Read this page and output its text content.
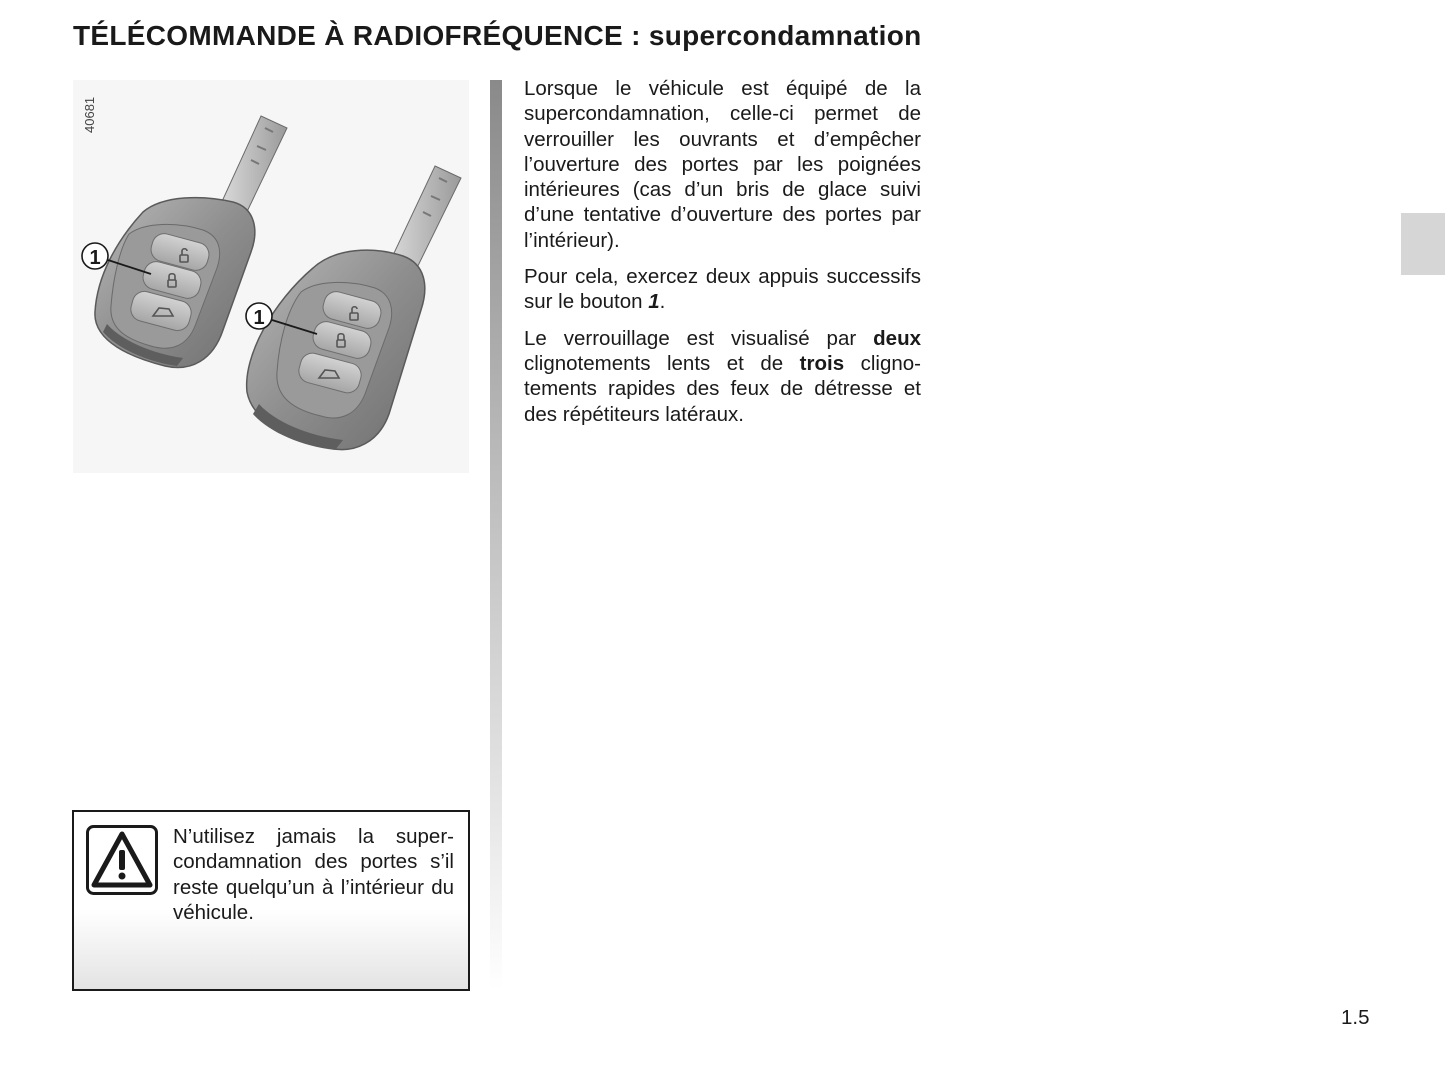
TÉLÉCOMMANDE À RADIOFRÉQUENCE : supercondamnation
40681
1
1

Lorsque le véhicule est équipé de la supercondamnation, celle-ci permet de verrouiller les ouvrants et d’empêcher l’ouverture des portes par les poignées intérieures (cas d’un bris de glace suivi d’une tentative d’ouverture des portes par l’intérieur).

Pour cela, exercez deux appuis successifs sur le bouton 1.

Le verrouillage est visualisé par deux clignotements lents et de trois clignotements rapides des feux de détresse et des répétiteurs latéraux.

N’utilisez jamais la supercondamnation des portes s’il reste quelqu’un à l’intérieur du véhicule.
1.5
